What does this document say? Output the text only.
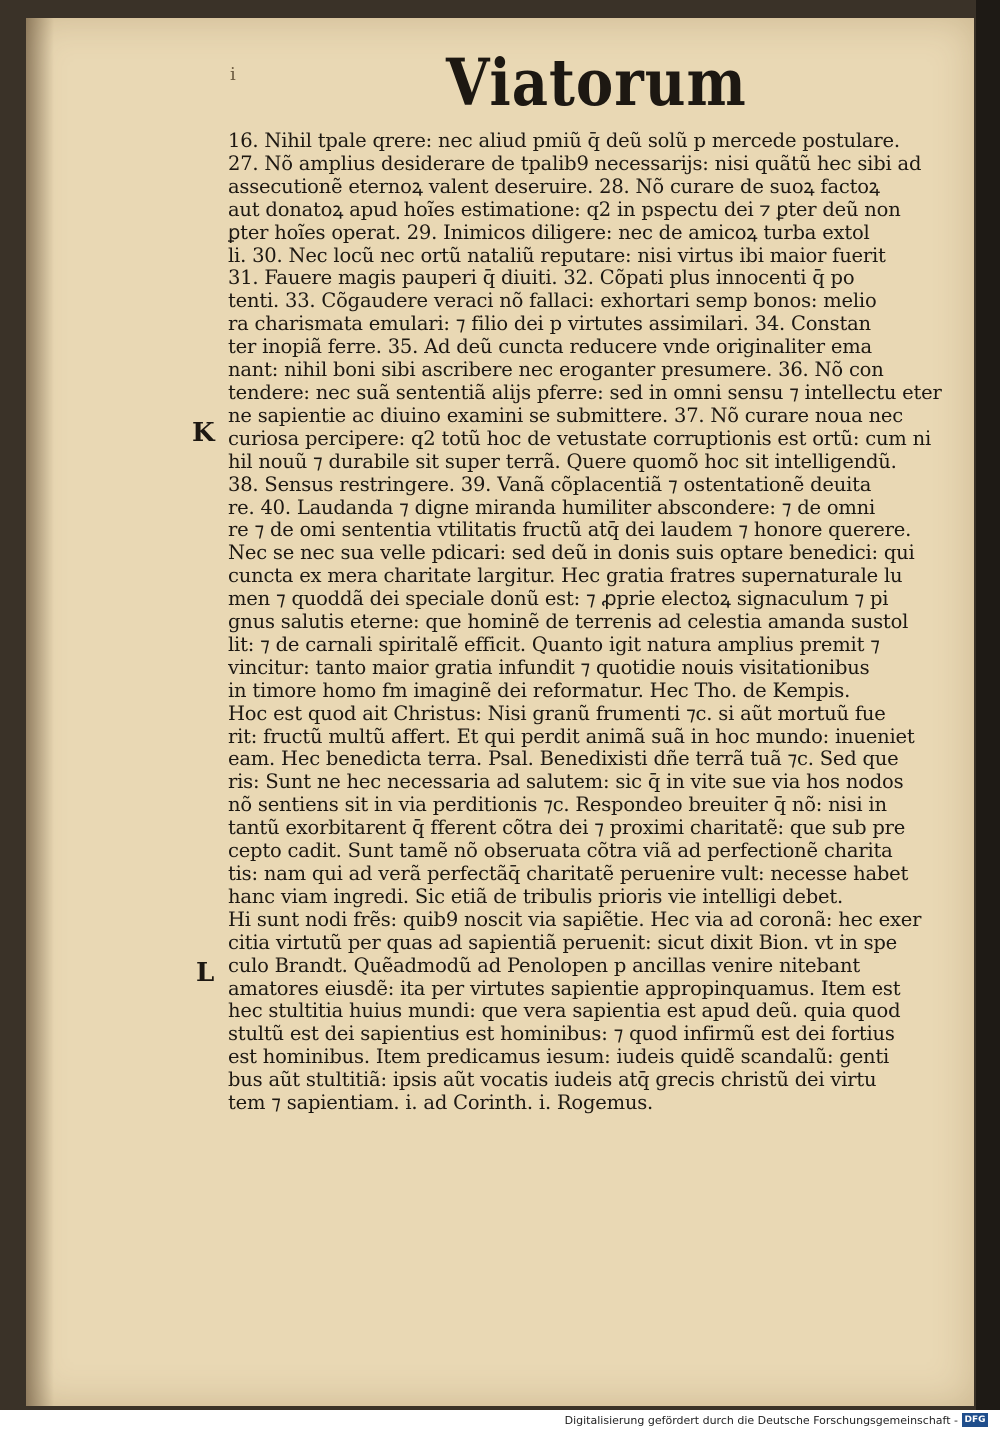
i	Viatorum
K
L
16. Nihil tpale qrere: nec aliud pmiũ q̄ deũ solũ p mercede postulare.
27. Nõ amplius desiderare de tpalib9 necessarijs: nisi quãtũ hec sibi ad
assecutionẽ eternoꝝ valent deseruire. 28. Nõ curare de suoꝝ factoꝝ
aut donatoꝝ apud hoĩes estimatione: q2 in pspectu dei ⁊ ꝑter deũ non
ꝑter hoĩes operat. 29. Inimicos diligere: nec de amicoꝝ turba extol
li. 30. Nec locũ nec ortũ nataliũ reputare: nisi virtus ibi maior fuerit
31. Fauere magis pauperi q̄ diuiti. 32. Cõpati plus innocenti q̄ po
tenti. 33. Cõgaudere veraci nõ fallaci: exhortari semp bonos: melio
ra charismata emulari: ⁊ filio dei p virtutes assimilari. 34. Constan
ter inopiã ferre. 35. Ad deũ cuncta reducere vnde originaliter ema
nant: nihil boni sibi ascribere nec eroganter presumere. 36. Nõ con
tendere: nec suã sententiã alijs pferre: sed in omni sensu ⁊ intellectu eter
ne sapientie ac diuino examini se submittere. 37. Nõ curare noua nec
curiosa percipere: q2 totũ hoc de vetustate corruptionis est ortũ: cum ni
hil nouũ ⁊ durabile sit super terrã. Quere quomõ hoc sit intelligendũ.
38. Sensus restringere. 39. Vanã cõplacentiã ⁊ ostentationẽ deuita
re. 40. Laudanda ⁊ digne miranda humiliter abscondere: ⁊ de omni
re ⁊ de omi sententia vtilitatis fructũ atq̄ dei laudem ⁊ honore querere.
Nec se nec sua velle pdicari: sed deũ in donis suis optare benedici: qui
cuncta ex mera charitate largitur. Hec gratia fratres supernaturale lu
men ⁊ quoddã dei speciale donũ est: ⁊ ꝓprie electoꝝ signaculum ⁊ pi
gnus salutis eterne: que hominẽ de terrenis ad celestia amanda sustol
lit: ⁊ de carnali spiritalẽ efficit. Quanto igit natura amplius premit ⁊
vincitur: tanto maior gratia infundit ⁊ quotidie nouis visitationibus
in timore homo fm imaginẽ dei reformatur. Hec Tho. de Kempis.
Hoc est quod ait Christus: Nisi granũ frumenti ⁊c. si aũt mortuũ fue
rit: fructũ multũ affert. Et qui perdit animã suã in hoc mundo: inueniet
eam. Hec benedicta terra. Psal. Benedixisti dñe terrã tuã ⁊c. Sed que
ris: Sunt ne hec necessaria ad salutem: sic q̄ in vite sue via hos nodos
nõ sentiens sit in via perditionis ⁊c. Respondeo breuiter q̄ nõ: nisi in
tantũ exorbitarent q̄ fferent cõtra dei ⁊ proximi charitatẽ: que sub pre
cepto cadit. Sunt tamẽ nõ obseruata cõtra viã ad perfectionẽ charita
tis: nam qui ad verã perfectãq̄ charitatẽ peruenire vult: necesse habet
hanc viam ingredi. Sic etiã de tribulis prioris vie intelligi debet.
Hi sunt nodi frẽs: quib9 noscit via sapiẽtie. Hec via ad coronã: hec exer
citia virtutũ per quas ad sapientiã peruenit: sicut dixit Bion. vt in spe
culo Brandt. Quẽadmodũ ad Penolopen p ancillas venire nitebant
amatores eiusdẽ: ita per virtutes sapientie appropinquamus. Item est
hec stultitia huius mundi: que vera sapientia est apud deũ. quia quod
stultũ est dei sapientius est hominibus: ⁊ quod infirmũ est dei fortius
est hominibus. Item predicamus iesum: iudeis quidẽ scandalũ: genti
bus aũt stultitiã: ipsis aũt vocatis iudeis atq̄ grecis christũ dei virtu
tem ⁊ sapientiam. i. ad Corinth. i. Rogemus.
Digitalisierung gefördert durch die Deutsche Forschungsgemeinschaft - DFG
